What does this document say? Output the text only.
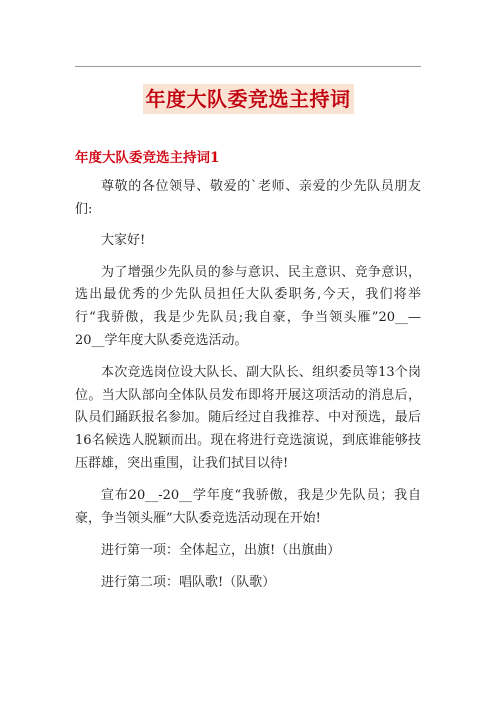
年度大队委竞选主持词
年度大队委竞选主持词1

尊敬的各位领导、敬爱的`老师、亲爱的少先队员朋友们:

大家好!

为了增强少先队员的参与意识、民主意识、竞争意识，选出最优秀的少先队员担任大队委职务,今天，我们将举行“我骄傲，我是少先队员;我自豪，争当领头雁”20__—20__学年度大队委竞选活动。

本次竞选岗位设大队长、副大队长、组织委员等13个岗位。当大队部向全体队员发布即将开展这项活动的消息后，队员们踊跃报名参加。随后经过自我推荐、中对预选，最后16名候选人脱颖而出。现在将进行竞选演说，到底谁能够技压群雄，突出重围，让我们拭目以待!

宣布20__-20__学年度“我骄傲，我是少先队员；我自豪，争当领头雁”大队委竞选活动现在开始!

进行第一项：全体起立，出旗!（出旗曲）

进行第二项：唱队歌!（队歌）
